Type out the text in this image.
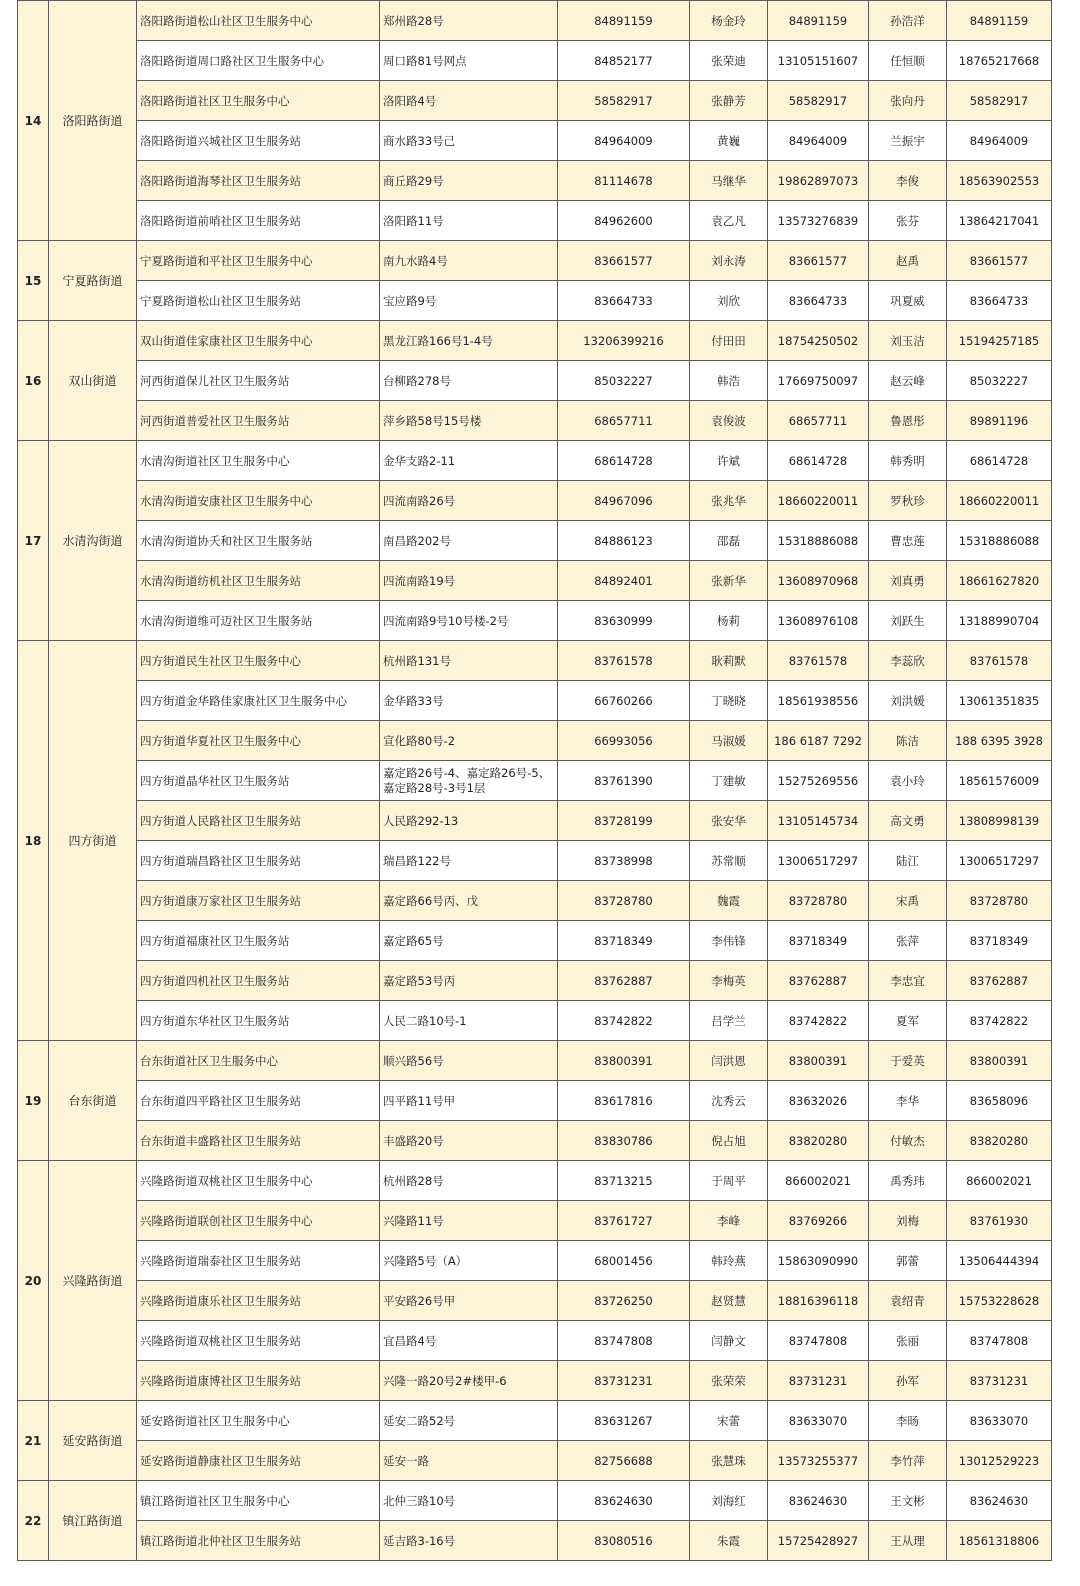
14	洛阳路街道	洛阳路街道松山社区卫生服务中心	郑州路28号	84891159	杨金玲	84891159	孙浩洋	84891159
		洛阳路街道周口路社区卫生服务中心	周口路81号网点	84852177	张荣迪	13105151607	任恒顺	18765217668
		洛阳路街道社区卫生服务中心	洛阳路4号	58582917	张静芳	58582917	张向丹	58582917
		洛阳路街道兴城社区卫生服务站	商水路33号己	84964009	黄巍	84964009	兰振宇	84964009
		洛阳路街道海琴社区卫生服务站	商丘路29号	81114678	马继华	19862897073	李俊	18563902553
		洛阳路街道前哨社区卫生服务站	洛阳路11号	84962600	袁乙凡	13573276839	张芬	13864217041
15	宁夏路街道	宁夏路街道和平社区卫生服务中心	南九水路4号	83661577	刘永涛	83661577	赵禹	83661577
		宁夏路街道松山社区卫生服务站	宝应路9号	83664733	刘欣	83664733	巩夏威	83664733
16	双山街道	双山街道佳家康社区卫生服务中心	黑龙江路166号1-4号	13206399216	付田田	18754250502	刘玉洁	15194257185
		河西街道保儿社区卫生服务站	台柳路278号	85032227	韩浩	17669750097	赵云峰	85032227
		河西街道普爱社区卫生服务站	萍乡路58号15号楼	68657711	袁俊波	68657711	鲁恩彤	89891196
17	水清沟街道	水清沟街道社区卫生服务中心	金华支路2-11	68614728	许斌	68614728	韩秀明	68614728
		水清沟街道安康社区卫生服务中心	四流南路26号	84967096	张兆华	18660220011	罗秋珍	18660220011
		水清沟街道协夭和社区卫生服务站	南昌路202号	84886123	邵磊	15318886088	曹忠莲	15318886088
		水清沟街道纺机社区卫生服务站	四流南路19号	84892401	张新华	13608970968	刘真勇	18661627820
		水清沟街道维可迈社区卫生服务站	四流南路9号10号楼-2号	83630999	杨莉	13608976108	刘跃生	13188990704
18	四方街道	四方街道民生社区卫生服务中心	杭州路131号	83761578	耿莉默	83761578	李蕊欣	83761578
		四方街道金华路佳家康社区卫生服务中心	金华路33号	66760266	丁晓晓	18561938556	刘洪媛	13061351835
		四方街道华夏社区卫生服务中心	宣化路80号-2	66993056	马淑媛	186 6187 7292	陈洁	188 6395 3928
		四方街道晶华社区卫生服务站	嘉定路26号-4、嘉定路26号-5、嘉定路28号-3号1层	83761390	丁建敏	15275269556	袁小玲	18561576009
		四方街道人民路社区卫生服务站	人民路292-13	83728199	张安华	13105145734	高文勇	13808998139
		四方街道瑞昌路社区卫生服务站	瑞昌路122号	83738998	苏常顺	13006517297	陆江	13006517297
		四方街道康万家社区卫生服务站	嘉定路66号丙、戊	83728780	魏霞	83728780	宋禹	83728780
		四方街道福康社区卫生服务站	嘉定路65号	83718349	李伟锋	83718349	张萍	83718349
		四方街道四机社区卫生服务站	嘉定路53号丙	83762887	李梅英	83762887	李忠宜	83762887
		四方街道东华社区卫生服务站	人民二路10号-1	83742822	吕学兰	83742822	夏军	83742822
19	台东街道	台东街道社区卫生服务中心	顺兴路56号	83800391	闫洪恩	83800391	于爱英	83800391
		台东街道四平路社区卫生服务站	四平路11号甲	83617816	沈秀云	83632026	李华	83658096
		台东街道丰盛路社区卫生服务站	丰盛路20号	83830786	倪占旭	83820280	付敏杰	83820280
20	兴隆路街道	兴隆路街道双桃社区卫生服务中心	杭州路28号	83713215	于周平	866002021	禹秀玮	866002021
		兴隆路街道联创社区卫生服务中心	兴隆路11号	83761727	李峰	83769266	刘梅	83761930
		兴隆路街道瑞泰社区卫生服务站	兴隆路5号（A）	68001456	韩玲燕	15863090990	郭蕾	13506444394
		兴隆路街道康乐社区卫生服务站	平安路26号甲	83726250	赵贤慧	18816396118	袁绍青	15753228628
		兴隆路街道双桃社区卫生服务站	宜昌路4号	83747808	闫静文	83747808	张丽	83747808
		兴隆路街道康博社区卫生服务站	兴隆一路20号2#楼甲-6	83731231	张荣荣	83731231	孙军	83731231
21	延安路街道	延安路街道社区卫生服务中心	延安二路52号	83631267	宋蕾	83633070	李旸	83633070
		延安路街道静康社区卫生服务站	延安一路	82756688	张慧珠	13573255377	李竹萍	13012529223
22	镇江路街道	镇江路街道社区卫生服务中心	北仲三路10号	83624630	刘海红	83624630	王文彬	83624630
		镇江路街道北仲社区卫生服务站	延吉路3-16号	83080516	朱霞	15725428927	王从理	18561318806
